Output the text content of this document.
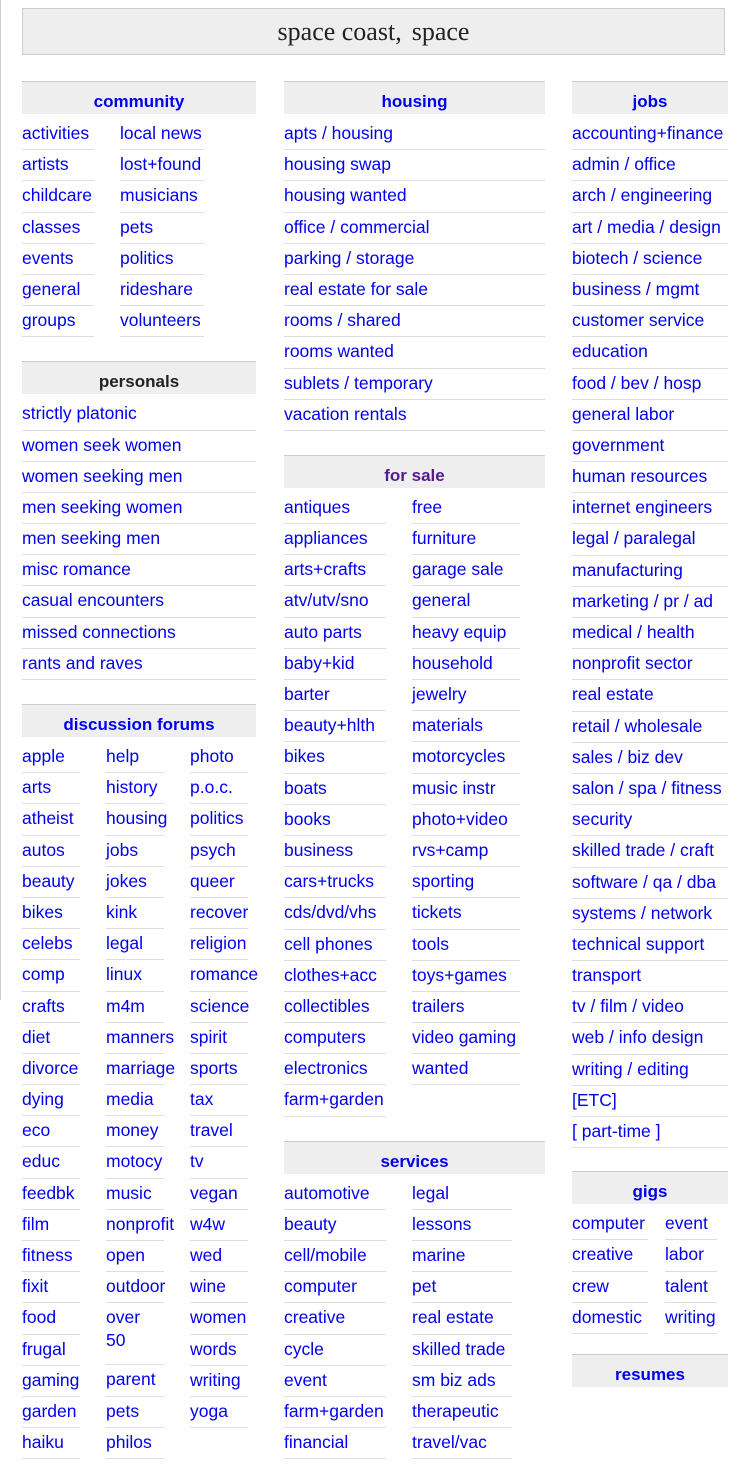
space coast, space
community
activities
artists
childcare
classes
events
general
groups
local news
lost+found
musicians
pets
politics
rideshare
volunteers
personals
strictly platonic
women seek women
women seeking men
men seeking women
men seeking men
misc romance
casual encounters
missed connections
rants and raves
discussion forums
apple
arts
atheist
autos
beauty
bikes
celebs
comp
crafts
diet
divorce
dying
eco
educ
feedbk
film
fitness
fixit
food
frugal
gaming
garden
haiku
help
history
housing
jobs
jokes
kink
legal
linux
m4m
manners
marriage
media
money
motocy
music
nonprofit
open
outdoor
over 50
parent
pets
philos
photo
p.o.c.
politics
psych
queer
recover
religion
romance
science
spirit
sports
tax
travel
tv
vegan
w4w
wed
wine
women
words
writing
yoga
housing
apts / housing
housing swap
housing wanted
office / commercial
parking / storage
real estate for sale
rooms / shared
rooms wanted
sublets / temporary
vacation rentals
for sale
antiques
appliances
arts+crafts
atv/utv/sno
auto parts
baby+kid
barter
beauty+hlth
bikes
boats
books
business
cars+trucks
cds/dvd/vhs
cell phones
clothes+acc
collectibles
computers
electronics
farm+garden
free
furniture
garage sale
general
heavy equip
household
jewelry
materials
motorcycles
music instr
photo+video
rvs+camp
sporting
tickets
tools
toys+games
trailers
video gaming
wanted
services
automotive
beauty
cell/mobile
computer
creative
cycle
event
farm+garden
financial
legal
lessons
marine
pet
real estate
skilled trade
sm biz ads
therapeutic
travel/vac
jobs
accounting+finance
admin / office
arch / engineering
art / media / design
biotech / science
business / mgmt
customer service
education
food / bev / hosp
general labor
government
human resources
internet engineers
legal / paralegal
manufacturing
marketing / pr / ad
medical / health
nonprofit sector
real estate
retail / wholesale
sales / biz dev
salon / spa / fitness
security
skilled trade / craft
software / qa / dba
systems / network
technical support
transport
tv / film / video
web / info design
writing / editing
[ETC]
[ part-time ]
gigs
computer
creative
crew
domestic
event
labor
talent
writing
resumes
